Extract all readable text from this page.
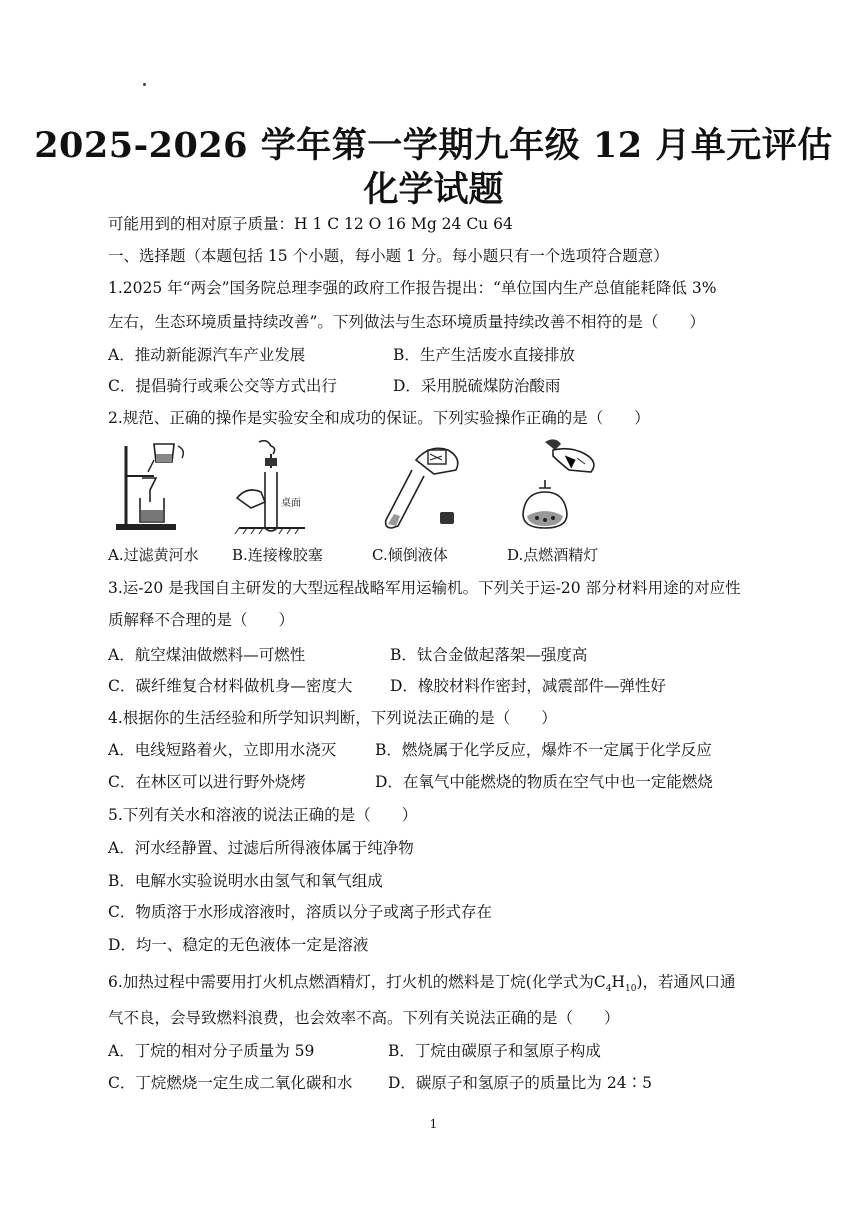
2025-2026 学年第一学期九年级 12 月单元评估
化学试题
可能用到的相对原子质量：H 1 C 12 O 16 Mg 24 Cu 64
一、选择题（本题包括 15 个小题，每小题 1 分。每小题只有一个选项符合题意）
1.2025 年“两会”国务院总理李强的政府工作报告提出：“单位国内生产总值能耗降低 3%
左右，生态环境质量持续改善”。下列做法与生态环境质量持续改善不相符的是（　　）
A．推动新能源汽车产业发展	B．生产生活废水直接排放
C．提倡骑行或乘公交等方式出行	D．采用脱硫煤防治酸雨
2.规范、正确的操作是实验安全和成功的保证。下列实验操作正确的是（　　）
桌面
A.过滤黄河水 B.连接橡胶塞	C.倾倒液体	D.点燃酒精灯
3.运-20 是我国自主研发的大型远程战略军用运输机。下列关于运-20 部分材料用途的对应性
质解释不合理的是（　　）
A．航空煤油做燃料—可燃性	B．钛合金做起落架—强度高
C．碳纤维复合材料做机身—密度大 D．橡胶材料作密封，减震部件—弹性好
4.根据你的生活经验和所学知识判断，下列说法正确的是（　　）
A．电线短路着火，立即用水浇灭	B．燃烧属于化学反应，爆炸不一定属于化学反应
C．在林区可以进行野外烧烤	D．在氧气中能燃烧的物质在空气中也一定能燃烧
5.下列有关水和溶液的说法正确的是（　　）
A．河水经静置、过滤后所得液体属于纯净物
B．电解水实验说明水由氢气和氧气组成
C．物质溶于水形成溶液时，溶质以分子或离子形式存在
D．均一、稳定的无色液体一定是溶液
6.加热过程中需要用打火机点燃酒精灯，打火机的燃料是丁烷(化学式为$C_4H_{10}$)，若通风口通
气不良，会导致燃料浪费，也会效率不高。下列有关说法正确的是（　　）
A．丁烷的相对分子质量为 59	B．丁烷由碳原子和氢原子构成
C．丁烷燃烧一定生成二氧化碳和水 D．碳原子和氢原子的质量比为 24∶5
1
